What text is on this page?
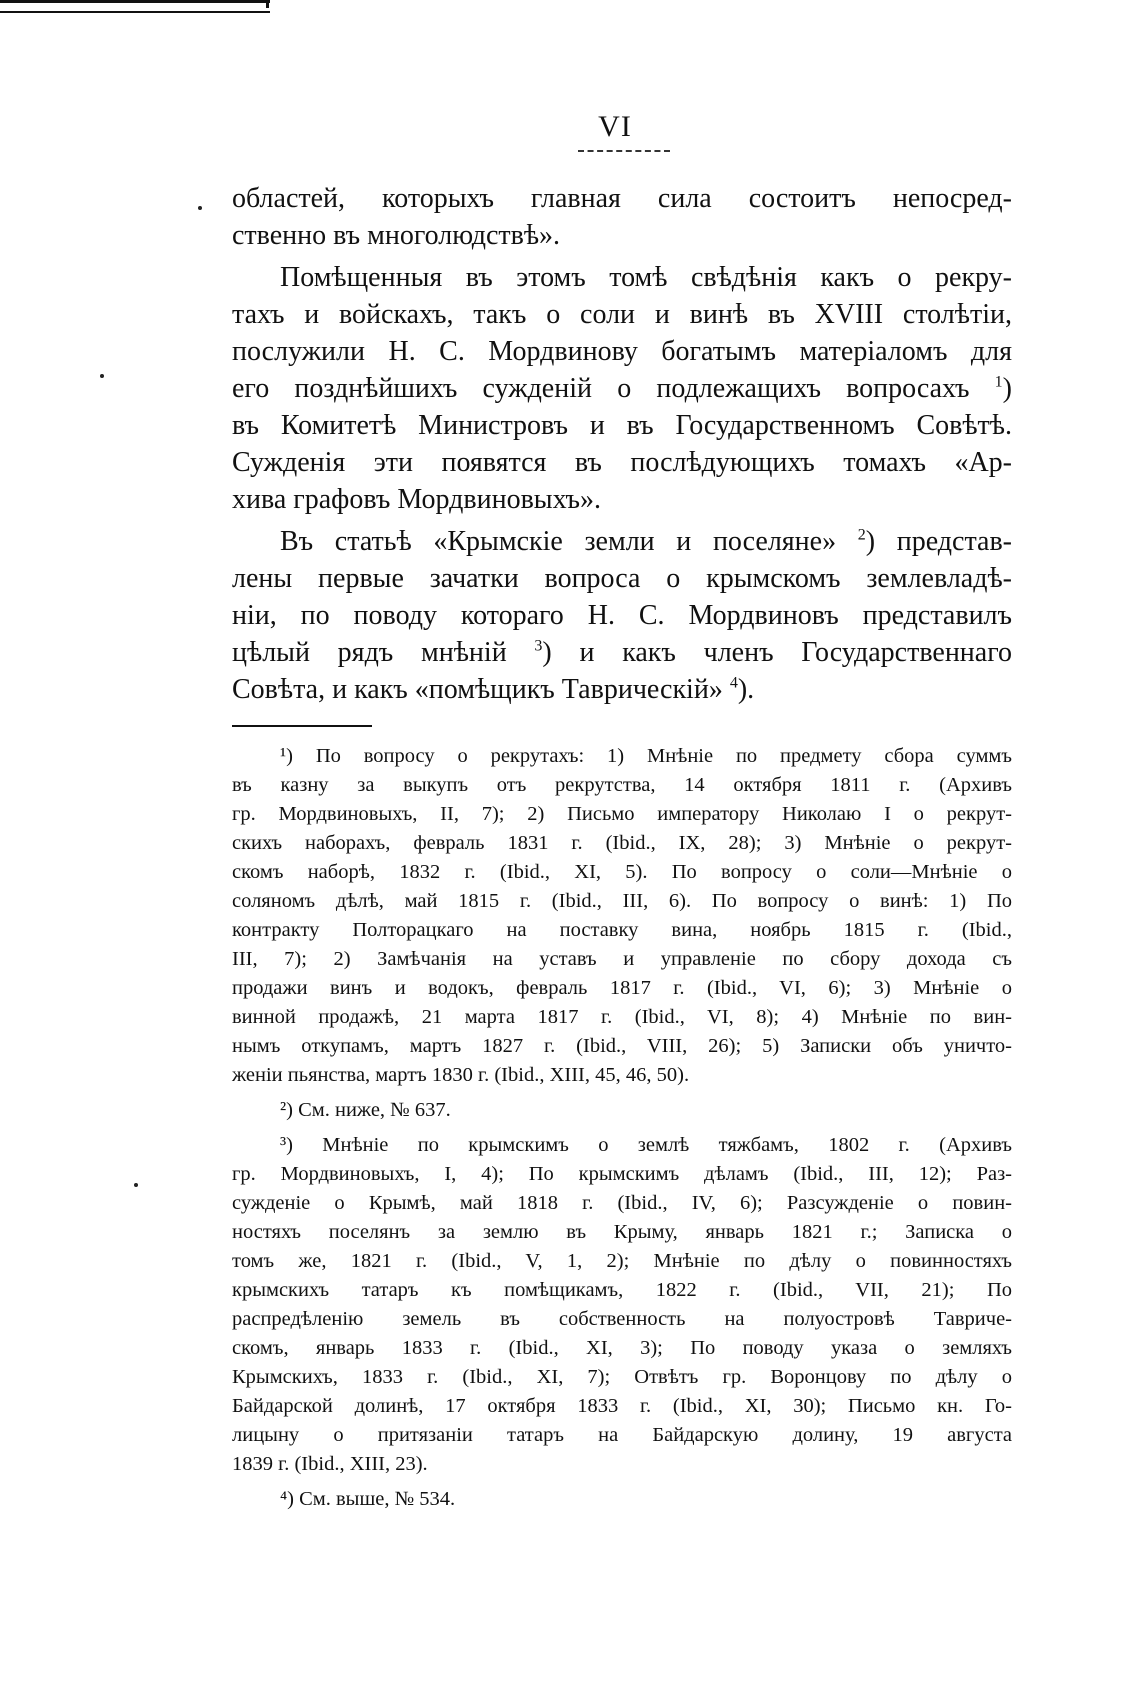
VI
областей, которыхъ главная сила состоитъ непосред-
ственно въ многолюдствѣ».
Помѣщенныя въ этомъ томѣ свѣдѣнія какъ о рекру-
тахъ и войскахъ, такъ о соли и винѣ въ XVIII столѣтіи,
послужили Н. С. Мордвинову богатымъ матеріаломъ для
его позднѣйшихъ сужденій о подлежащихъ вопросахъ $^1$)
въ Комитетѣ Министровъ и въ Государственномъ Совѣтѣ.
Сужденія эти появятся въ послѣдующихъ томахъ «Ар-
хива графовъ Мордвиновыхъ».
Въ статьѣ «Крымскіе земли и поселяне» $^2$) представ-
лены первые зачатки вопроса о крымскомъ землевладѣ-
ніи, по поводу котораго Н. С. Мордвиновъ представилъ
цѣлый рядъ мнѣній $^3$) и какъ членъ Государственнаго
Совѣта, и какъ «помѣщикъ Таврическій» $^4$).
¹) По вопросу о рекрутахъ: 1) Мнѣніе по предмету сбора суммъ
въ казну за выкупъ отъ рекрутства, 14 октября 1811 г. (Архивъ
гр. Мордвиновыхъ, II, 7); 2) Письмо императору Николаю I о рекрут-
скихъ наборахъ, февраль 1831 г. (Ibid., IX, 28); 3) Мнѣніе о рекрут-
скомъ наборѣ, 1832 г. (Ibid., XI, 5). По вопросу о соли—Мнѣніе о
соляномъ дѣлѣ, май 1815 г. (Ibid., III, 6). По вопросу о винѣ: 1) По
контракту Полторацкаго на поставку вина, ноябрь 1815 г. (Ibid.,
III, 7); 2) Замѣчанія на уставъ и управленіе по сбору дохода съ
продажи винъ и водокъ, февраль 1817 г. (Ibid., VI, 6); 3) Мнѣніе о
винной продажѣ, 21 марта 1817 г. (Ibid., VI, 8); 4) Мнѣніе по вин-
нымъ откупамъ, мартъ 1827 г. (Ibid., VIII, 26); 5) Записки объ уничто-
женіи пьянства, мартъ 1830 г. (Ibid., XIII, 45, 46, 50).
²) См. ниже, № 637.
³) Мнѣніе по крымскимъ о землѣ тяжбамъ, 1802 г. (Архивъ
гр. Мордвиновыхъ, I, 4); По крымскимъ дѣламъ (Ibid., III, 12); Раз-
сужденіе о Крымѣ, май 1818 г. (Ibid., IV, 6); Разсужденіе о повин-
ностяхъ поселянъ за землю въ Крыму, январь 1821 г.; Записка о
томъ же, 1821 г. (Ibid., V, 1, 2); Мнѣніе по дѣлу о повинностяхъ
крымскихъ татаръ къ помѣщикамъ, 1822 г. (Ibid., VII, 21); По
распредѣленію земель въ собственность на полуостровѣ Тавриче-
скомъ, январь 1833 г. (Ibid., XI, 3); По поводу указа о земляхъ
Крымскихъ, 1833 г. (Ibid., XI, 7); Отвѣтъ гр. Воронцову по дѣлу о
Байдарской долинѣ, 17 октября 1833 г. (Ibid., XI, 30); Письмо кн. Го-
лицыну о притязаніи татаръ на Байдарскую долину, 19 августа
1839 г. (Ibid., XIII, 23).
⁴) См. выше, № 534.
